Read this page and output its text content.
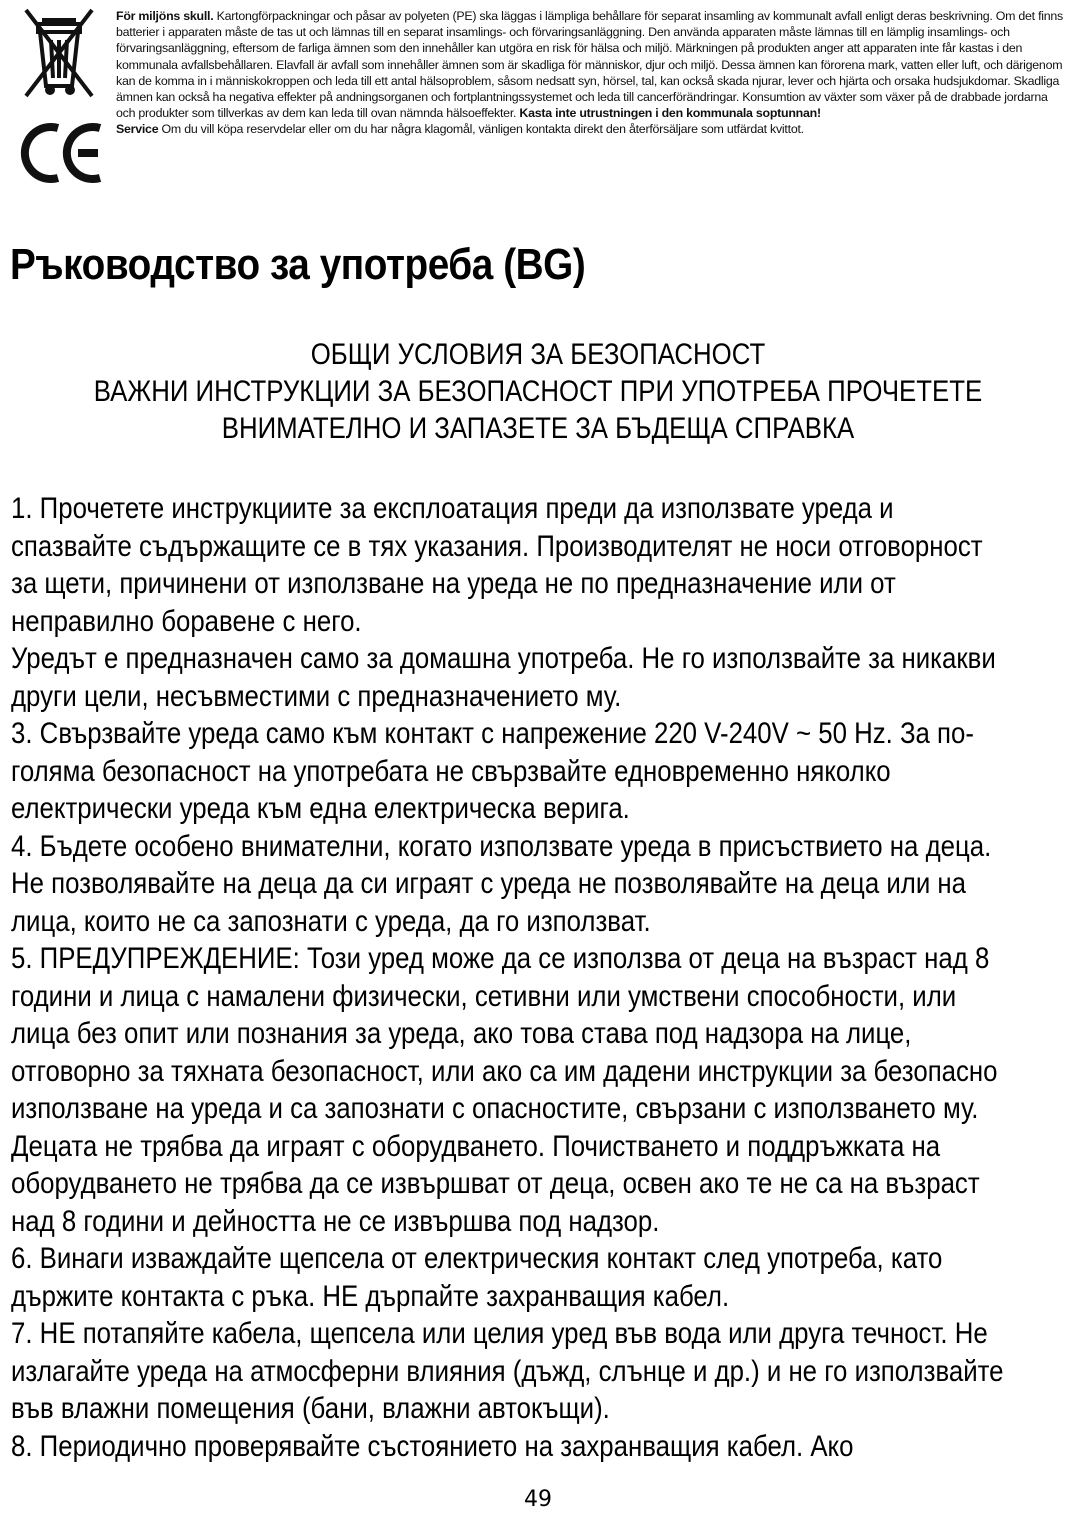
För miljöns skull. Kartongförpackningar och påsar av polyeten (PE) ska läggas i lämpliga behållare för separat insamling av kommunalt avfall enligt deras beskrivning. Om det finns batterier i apparaten måste de tas ut och lämnas till en separat insamlings- och förvaringsanläggning. Den använda apparaten måste lämnas till en lämplig insamlings- och förvaringsanläggning, eftersom de farliga ämnen som den innehåller kan utgöra en risk för hälsa och miljö. Märkningen på produkten anger att apparaten inte får kastas i den kommunala avfallsbehållaren. Elavfall är avfall som innehåller ämnen som är skadliga för människor, djur och miljö. Dessa ämnen kan förorena mark, vatten eller luft, och därigenom kan de komma in i människokroppen och leda till ett antal hälsoproblem, såsom nedsatt syn, hörsel, tal, kan också skada njurar, lever och hjärta och orsaka hudsjukdomar. Skadliga ämnen kan också ha negativa effekter på andningsorganen och fortplantningssystemet och leda till cancerförändringar. Konsumtion av växter som växer på de drabbade jordarna och produkter som tillverkas av dem kan leda till ovan nämnda hälsoeffekter. Kasta inte utrustningen i den kommunala soptunnan!

Service Om du vill köpa reservdelar eller om du har några klagomål, vänligen kontakta direkt den återförsäljare som utfärdat kvittot.

Ръководство за употреба (BG)
ОБЩИ УСЛОВИЯ ЗА БЕЗОПАСНОСТ
ВАЖНИ ИНСТРУКЦИИ ЗА БЕЗОПАСНОСТ ПРИ УПОТРЕБА ПРОЧЕТЕТЕ
ВНИМАТЕЛНО И ЗАПАЗЕТЕ ЗА БЪДЕЩА СПРАВКА
1. Прочетете инструкциите за експлоатация преди да използвате уреда и
спазвайте съдържащите се в тях указания. Производителят не носи отговорност
за щети, причинени от използване на уреда не по предназначение или от
неправилно боравене с него.
Уредът е предназначен само за домашна употреба. Не го използвайте за никакви
други цели, несъвместими с предназначението му.
3. Свързвайте уреда само към контакт с напрежение 220 V-240V ~ 50 Hz. За по-
голяма безопасност на употребата не свързвайте едновременно няколко
електрически уреда към една електрическа верига.
4. Бъдете особено внимателни, когато използвате уреда в присъствието на деца.
Не позволявайте на деца да си играят с уреда не позволявайте на деца или на
лица, които не са запознати с уреда, да го използват.
5. ПРЕДУПРЕЖДЕНИЕ: Този уред може да се използва от деца на възраст над 8
години и лица с намалени физически, сетивни или умствени способности, или
лица без опит или познания за уреда, ако това става под надзора на лице,
отговорно за тяхната безопасност, или ако са им дадени инструкции за безопасно
използване на уреда и са запознати с опасностите, свързани с използването му.
Децата не трябва да играят с оборудването. Почистването и поддръжката на
оборудването не трябва да се извършват от деца, освен ако те не са на възраст
над 8 години и дейността не се извършва под надзор.
6. Винаги изваждайте щепсела от електрическия контакт след употреба, като
държите контакта с ръка. НЕ дърпайте захранващия кабел.
7. НЕ потапяйте кабела, щепсела или целия уред във вода или друга течност. Не
излагайте уреда на атмосферни влияния (дъжд, слънце и др.) и не го използвайте
във влажни помещения (бани, влажни автокъщи).
8. Периодично проверявайте състоянието на захранващия кабел. Ако
49
